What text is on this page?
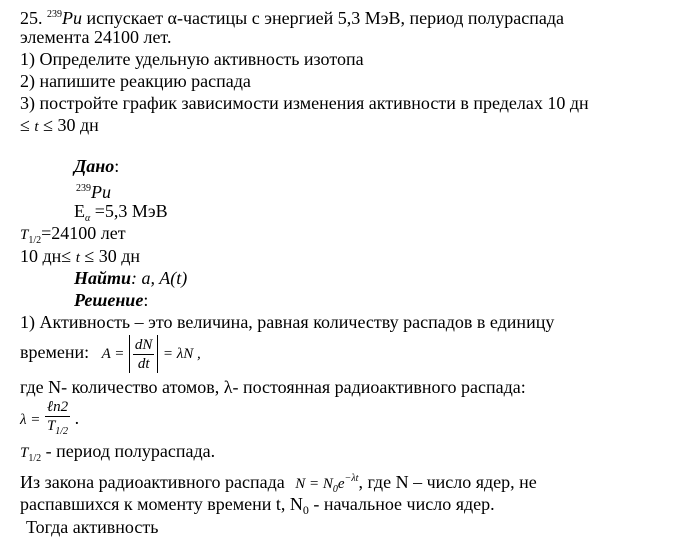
25. $^{239}$Pu испускает α-частицы с энергией 5,3 МэВ, период полураспада
элемента 24100 лет.
1) Определите удельную активность изотопа
2) напишите реакцию распада
3) постройте график зависимости изменения активности в пределах 10 дн
≤ t ≤ 30 дн
Дано:
$^{239}$Pu
$E_\alpha =5,3$ МэВ
$T_{1/2}=24100$ лет
10 дн≤ t ≤ 30 дн
Найти: a, A(t)
Решение:
1) Активность – это величина, равная количеству распадов в единицу
времени: $A = \frac{dN}{dt} = \lambda N$ ,
где N- количество атомов, λ- постоянная радиоактивного распада:
$\lambda = \frac{\text{ℓn2}}{T_{1/2}}$ .
$T_{1/2}$ - период полураспада.
Из закона радиоактивного распада $N = N_0e^{-\lambda t}$, где N – число ядер, не
распавшихся к моменту времени t, $N_0$ - начальное число ядер.
Тогда активность
